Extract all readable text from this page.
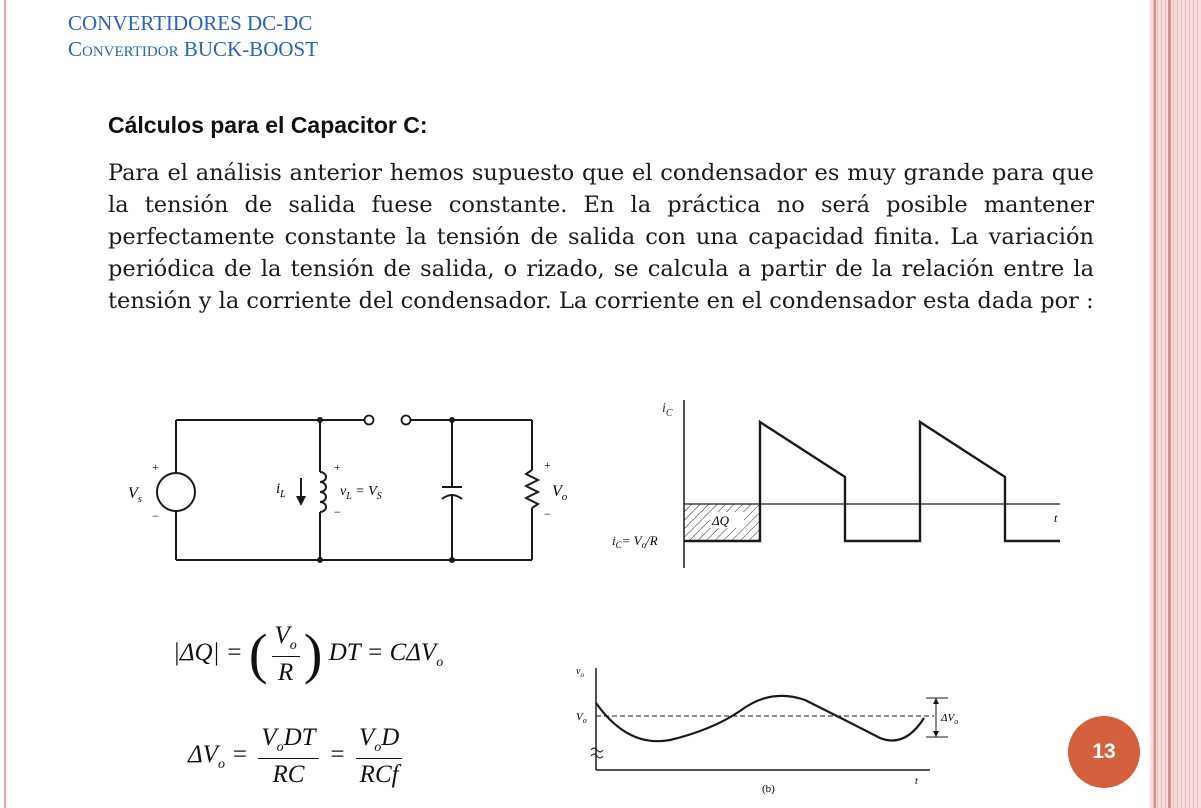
CONVERTIDORES DC-DC
Convertidor BUCK-BOOST
Cálculos para el Capacitor C:

Para el análisis anterior hemos supuesto que el condensador es muy grande para que la tensión de salida fuese constante. En la práctica no será posible mantener perfectamente constante la tensión de salida con una capacidad finita. La variación periódica de la tensión de salida, o rizado, se calcula a partir de la relación entre la tensión y la corriente del condensador. La corriente en el condensador esta dada por :

+
−
$V_s$
$i_L$
+
−
$v_L = V_S$
+
−
$V_o$
ΔQ
$i_C$
t
$i_C= V_o/R$
$v_o$
$V_o$	$\Delta V_o$
t
(b)
|ΔQ| = ( $\frac{V_o}{R}$ ) DT = $C\Delta V_o$
$\Delta V_o = \frac{V_oDT}{RC} = \frac{V_oD}{\text{RCf}}$	13
